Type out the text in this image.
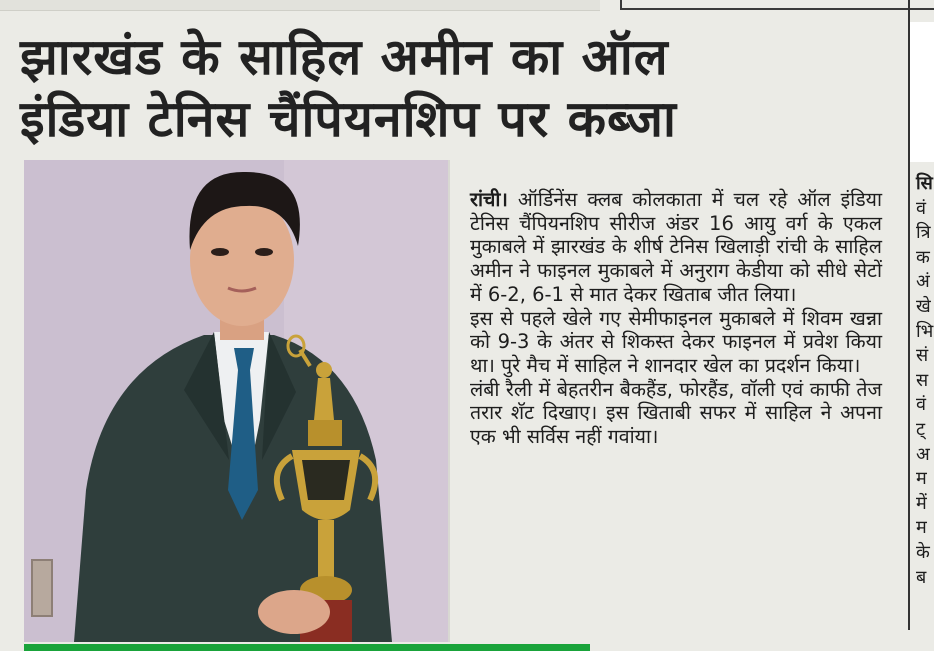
झारखंड के साहिल अमीन का ऑल
इंडिया टेनिस चैंपियनशिप पर कब्जा

रांची। ऑर्डिनेंस क्लब कोलकाता में चल रहे ऑल इंडिया टेनिस चैंपियनशिप सीरीज अंडर 16 आयु वर्ग के एकल मुकाबले में झारखंड के शीर्ष टेनिस खिलाड़ी रांची के साहिल अमीन ने फाइनल मुकाबले में अनुराग केडीया को सीधे सेटों में 6-2, 6-1 से मात देकर खिताब जीत लिया।

इस से पहले खेले गए सेमीफाइनल मुकाबले में शिवम खन्ना को 9-3 के अंतर से शिकस्त देकर फाइनल में प्रवेश किया था। पुरे मैच में साहिल ने शानदार खेल का प्रदर्शन किया।

लंबी रैली में बेहतरीन बैकहैंड, फोरहैंड, वॉली एवं काफी तेज तरार शॅट दिखाए। इस खिताबी सफर में साहिल ने अपना एक भी सर्विस नहीं गवांया।

सि
वं
त्रि
क
अं
खे
भि
सं
स
वं
ट्
अ
म
में
म
के
ब
